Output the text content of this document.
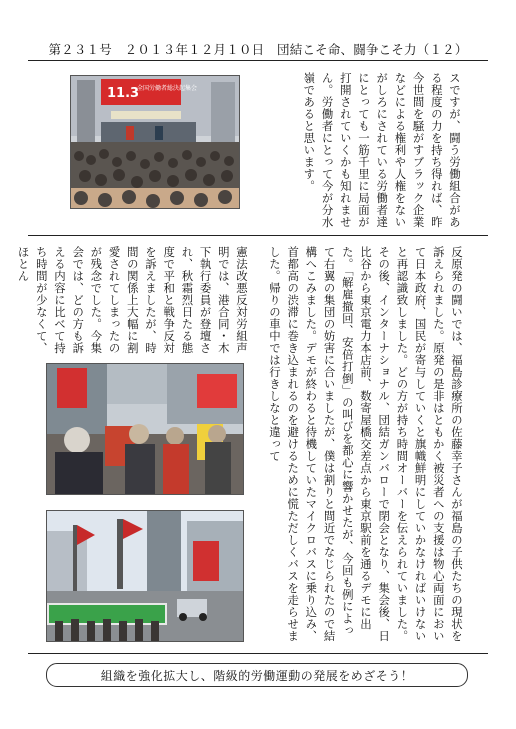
第２３１号　２０１３年１２月１０日　団結こそ命、闘争こそ力（１２）
11.3
全国労働者総決起集会	スですが、闘う労働組合がある程度の力を持ち得れば、昨今世間を騒がすブラック企業などによる権利や人権をないがしろにされている労働者達にとっても一筋千里に局面が打開されていくかも知れません。労働者にとって今が分水嶺であると思います。
憲法改悪反対労組声明では、港合同・木下執行委員が登壇され、秋霜烈日たる態度で平和と戦争反対を訴えましたが、時間の関係上大幅に割愛されてしまったのが残念でした。今集会では、どの方も訴える内容に比べて持ち時間が少なくて、ほとん	反原発の闘いでは、福島診療所の佐藤幸子さんが福島の子供たちの現状を訴えられました。原発の是非はともかく被災者への支援は物心両面において日本政府、国民が寄与していくと旗幟鮮明にしていかなければいけないと再認識致しました。どの方が持ち時間オーバーを伝えられていました。その後、インターナショナル、団結ガンバローで閉会となり、集会後、日比谷から東京電力本店前、数寄屋橋交差点から東京駅前を通るデモに出た。「解雇撤回、安倍打倒」の叫びを都心に響かせたが、今回も例によって右翼の集団の妨害に合いましたが、僕は割りと間近でなじられたので結構へこみました。デモが終わると待機していたマイクロバスに乗り込み、首都高の渋滞に巻き込まれるのを避けるために慌ただしくバスを走らせました。帰りの車中では行きしなと違って
組織を強化拡大し、階級的労働運動の発展をめざそう！
